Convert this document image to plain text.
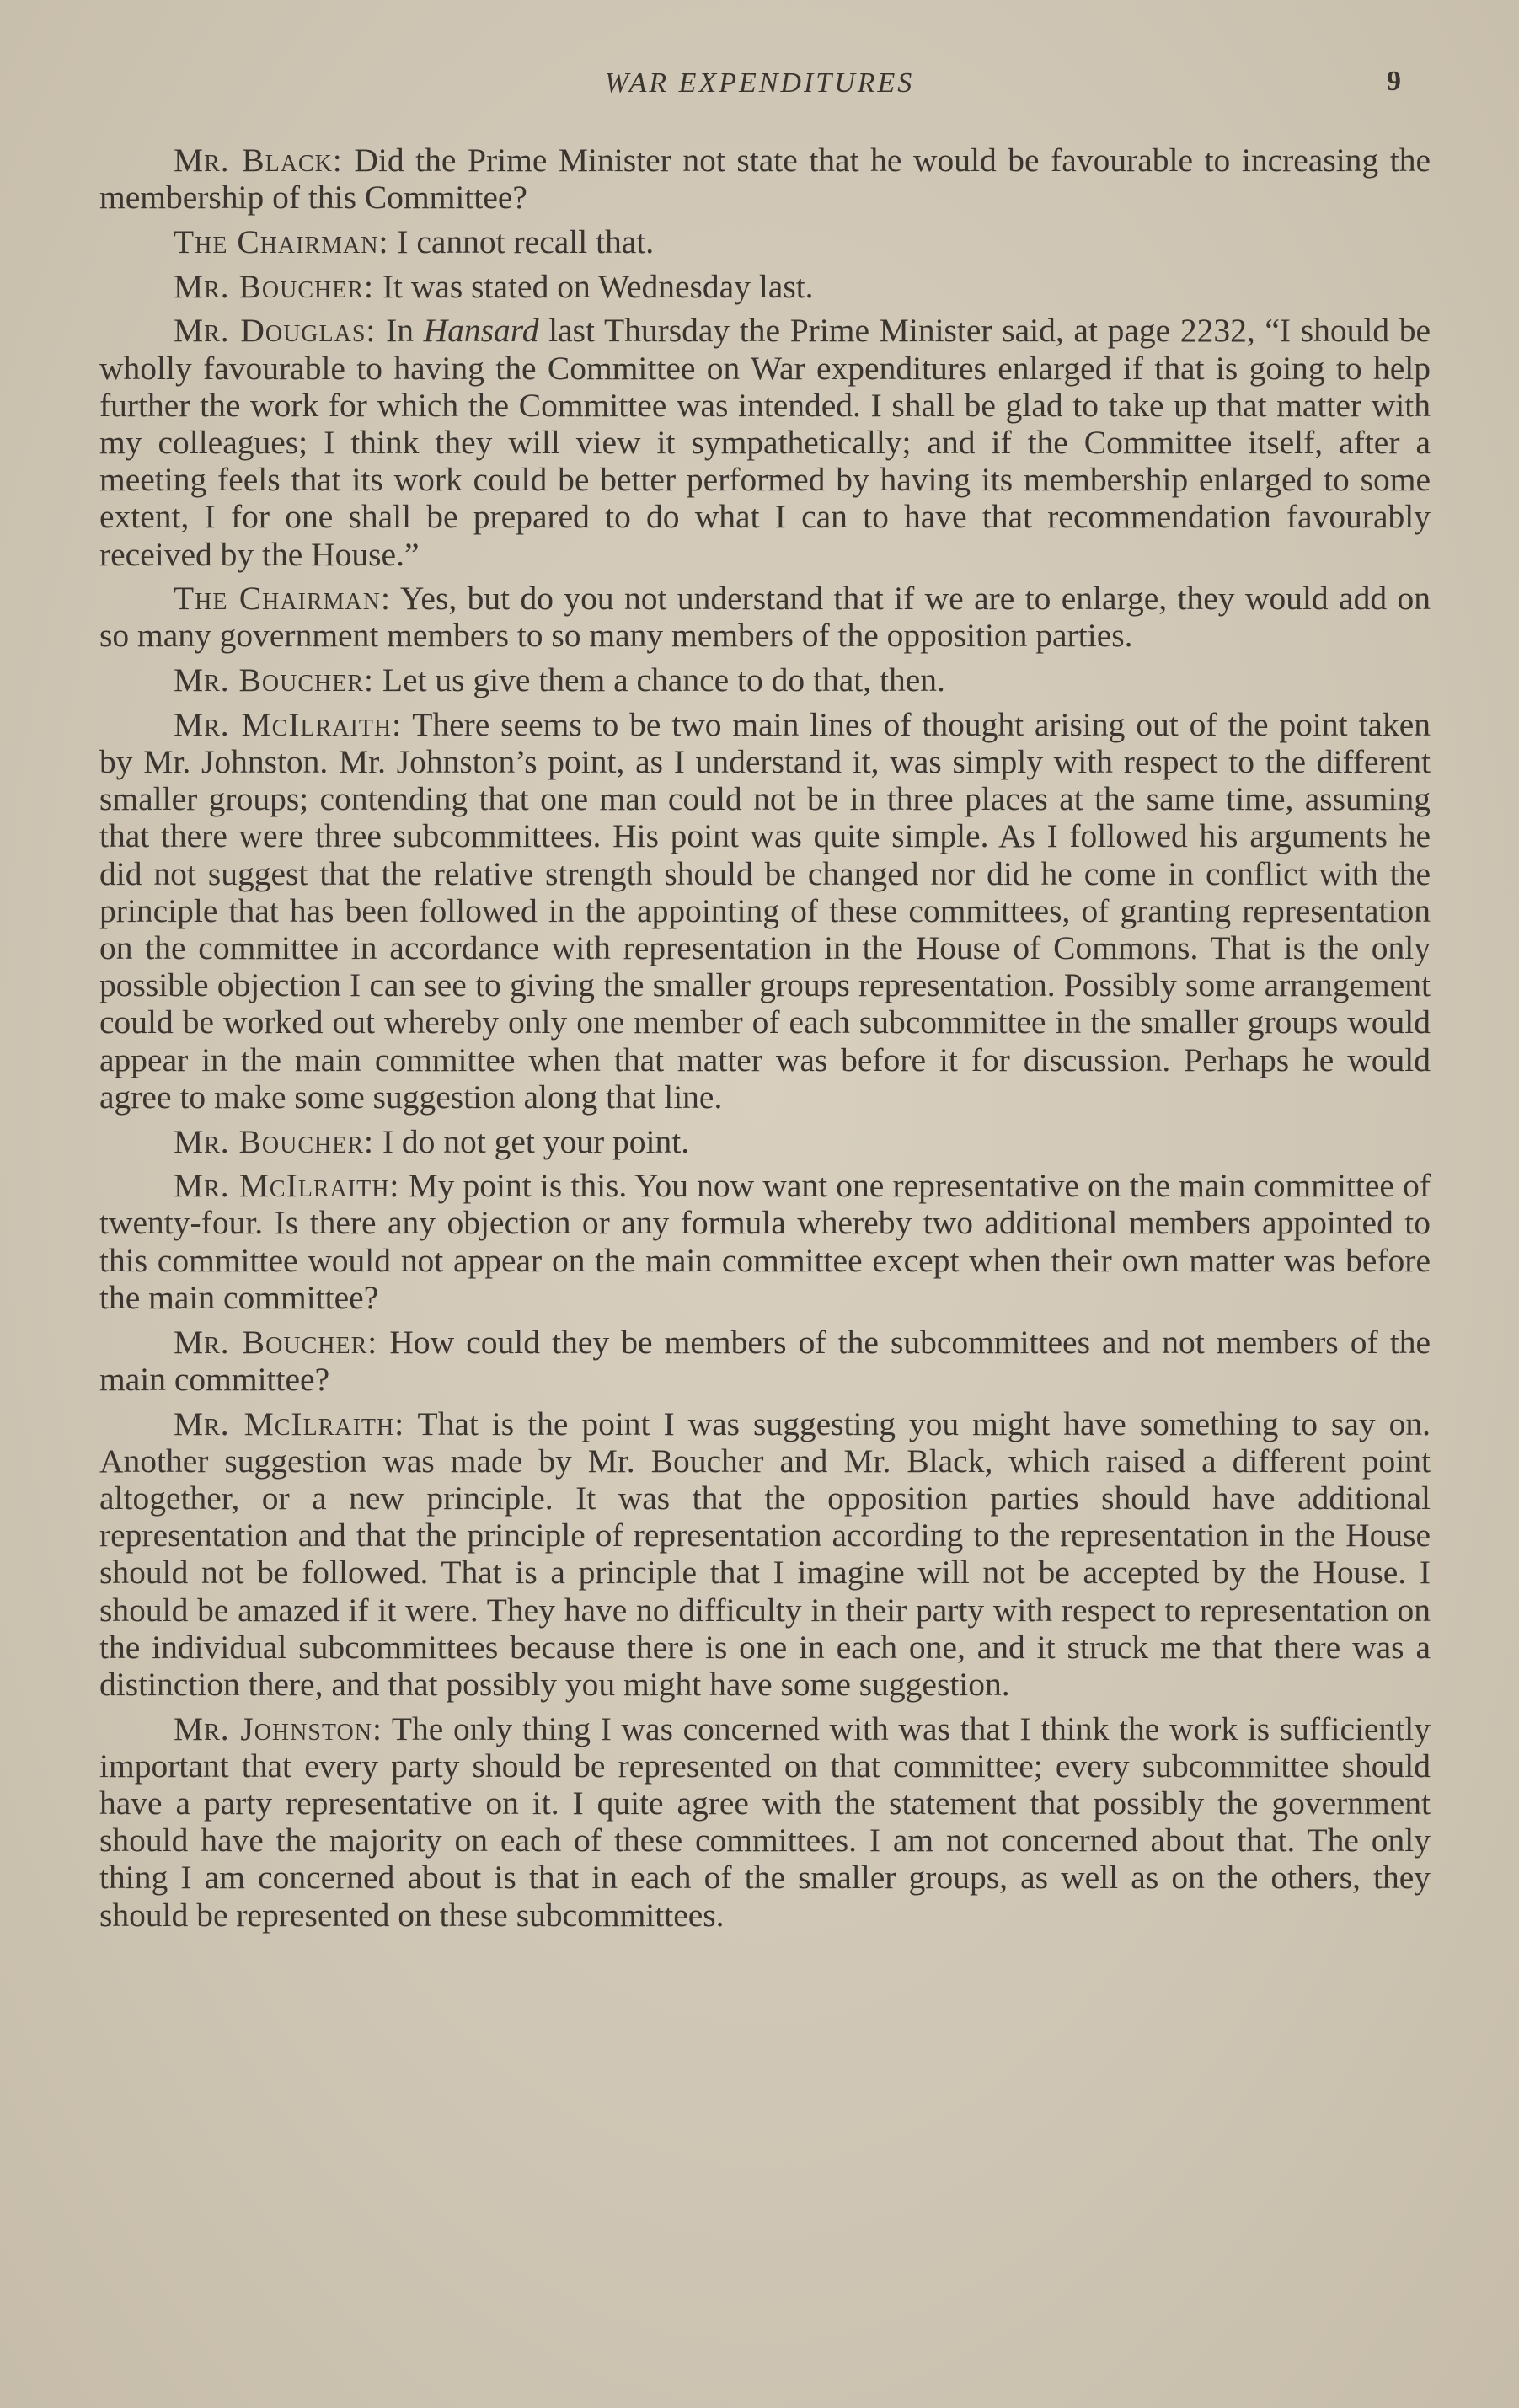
WAR EXPENDITURES	9

Mr. Black: Did the Prime Minister not state that he would be favourable to increasing the membership of this Committee?

The Chairman: I cannot recall that.

Mr. Boucher: It was stated on Wednesday last.

Mr. Douglas: In Hansard last Thursday the Prime Minister said, at page 2232, “I should be wholly favourable to having the Committee on War expenditures enlarged if that is going to help further the work for which the Committee was intended. I shall be glad to take up that matter with my colleagues; I think they will view it sympathetically; and if the Committee itself, after a meeting feels that its work could be better performed by having its membership enlarged to some extent, I for one shall be prepared to do what I can to have that recommendation favourably received by the House.”

The Chairman: Yes, but do you not understand that if we are to enlarge, they would add on so many government members to so many members of the opposition parties.

Mr. Boucher: Let us give them a chance to do that, then.

Mr. McIlraith: There seems to be two main lines of thought arising out of the point taken by Mr. Johnston. Mr. Johnston’s point, as I understand it, was simply with respect to the different smaller groups; contending that one man could not be in three places at the same time, assuming that there were three subcommittees. His point was quite simple. As I followed his arguments he did not suggest that the relative strength should be changed nor did he come in conflict with the principle that has been followed in the appointing of these committees, of granting representation on the committee in accordance with representation in the House of Commons. That is the only possible objection I can see to giving the smaller groups representation. Possibly some arrangement could be worked out whereby only one member of each subcommittee in the smaller groups would appear in the main committee when that matter was before it for discussion. Perhaps he would agree to make some suggestion along that line.

Mr. Boucher: I do not get your point.

Mr. McIlraith: My point is this. You now want one representative on the main committee of twenty-four. Is there any objection or any formula whereby two additional members appointed to this committee would not appear on the main committee except when their own matter was before the main committee?

Mr. Boucher: How could they be members of the subcommittees and not members of the main committee?

Mr. McIlraith: That is the point I was suggesting you might have something to say on. Another suggestion was made by Mr. Boucher and Mr. Black, which raised a different point altogether, or a new principle. It was that the opposition parties should have additional representation and that the principle of representation according to the representation in the House should not be followed. That is a principle that I imagine will not be accepted by the House. I should be amazed if it were. They have no difficulty in their party with respect to representation on the individual subcommittees because there is one in each one, and it struck me that there was a distinction there, and that possibly you might have some suggestion.

Mr. Johnston: The only thing I was concerned with was that I think the work is sufficiently important that every party should be represented on that committee; every subcommittee should have a party representative on it. I quite agree with the statement that possibly the government should have the majority on each of these committees. I am not concerned about that. The only thing I am concerned about is that in each of the smaller groups, as well as on the others, they should be represented on these subcommittees.
